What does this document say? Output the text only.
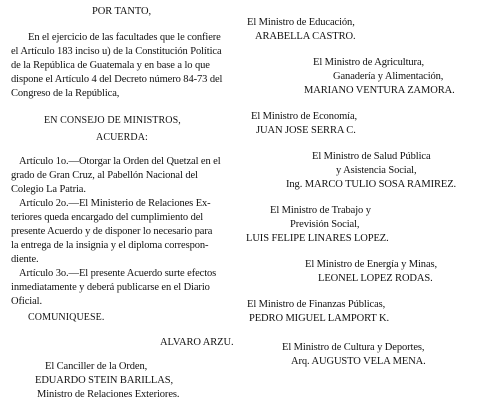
POR TANTO,
En el ejercicio de las facultades que le confiere
el Artículo 183 inciso u) de la Constitución Política
de la República de Guatemala y en base a lo que
dispone el Artículo 4 del Decreto número 84-73 del
Congreso de la República,
EN CONSEJO DE MINISTROS,
ACUERDA:
Artículo 1o.—Otorgar la Orden del Quetzal en el
grado de Gran Cruz, al Pabellón Nacional del
Colegio La Patria.
Artículo 2o.—El Ministerio de Relaciones Ex-
teriores queda encargado del cumplimiento del
presente Acuerdo y de disponer lo necesario para
la entrega de la insignia y el diploma correspon-
diente.
Artículo 3o.—El presente Acuerdo surte efectos
inmediatamente y deberá publicarse en el Diario
Oficial.
COMUNIQUESE.
ALVARO ARZU.
El Canciller de la Orden,
EDUARDO STEIN BARILLAS,
Ministro de Relaciones Exteriores.
El Ministro de Educación,
ARABELLA CASTRO.
El Ministro de Agricultura,
Ganadería y Alimentación,
MARIANO VENTURA ZAMORA.
El Ministro de Economía,
JUAN JOSE SERRA C.
El Ministro de Salud Pública
y Asistencia Social,
Ing. MARCO TULIO SOSA RAMIREZ.
El Ministro de Trabajo y
Previsión Social,
LUIS FELIPE LINARES LOPEZ.
El Ministro de Energía y Minas,
LEONEL LOPEZ RODAS.
El Ministro de Finanzas Públicas,
PEDRO MIGUEL LAMPORT K.
El Ministro de Cultura y Deportes,
Arq. AUGUSTO VELA MENA.
